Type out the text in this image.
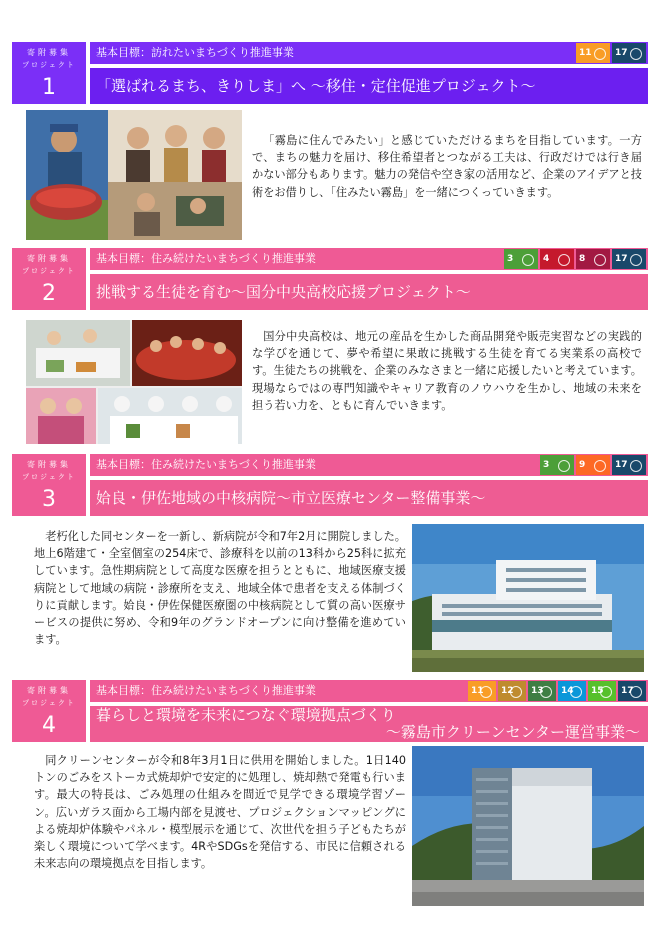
寄附募集
プロジェクト
1
基本目標：訪れたいまちづくり推進事業	11	17
「選ばれるまち、きりしま」へ ～移住・定住促進プロジェクト～
「霧島に住んでみたい」と感じていただけるまちを目指しています。一方で、まちの魅力を届け、移住希望者とつながる工夫は、行政だけでは行き届かない部分もあります。魅力の発信や空き家の活用など、企業のアイデアと技術をお借りし、「住みたい霧島」を一緒につくっていきます。
寄附募集
プロジェクト
2
基本目標：住み続けたいまちづくり推進事業	3	4	8	17
挑戦する生徒を育む～国分中央高校応援プロジェクト～
国分中央高校は、地元の産品を生かした商品開発や販売実習などの実践的な学びを通じて、夢や希望に果敢に挑戦する生徒を育てる実業系の高校です。生徒たちの挑戦を、企業のみなさまと一緒に応援したいと考えています。現場ならではの専門知識やキャリア教育のノウハウを生かし、地域の未来を担う若い力を、ともに育んでいきます。
寄附募集
プロジェクト
3
基本目標：住み続けたいまちづくり推進事業	3	9	17
姶良・伊佐地域の中核病院～市立医療センター整備事業～
老朽化した同センターを一新し、新病院が令和7年2月に開院しました。地上6階建て・全室個室の254床で、診療科を以前の13科から25科に拡充しています。急性期病院として高度な医療を担うとともに、地域医療支援病院として地域の病院・診療所を支え、地域全体で患者を支える体制づくりに貢献します。姶良・伊佐保健医療圏の中核病院として質の高い医療サービスの提供に努め、令和9年のグランドオープンに向け整備を進めています。
寄附募集
プロジェクト
4
基本目標：住み続けたいまちづくり推進事業	11	12	13	14	15	17
暮らしと環境を未来につなぐ環境拠点づくり
～霧島市クリーンセンター運営事業～
同クリーンセンターが令和8年3月1日に供用を開始しました。1日140トンのごみをストーカ式焼却炉で安定的に処理し、焼却熱で発電も行います。最大の特長は、ごみ処理の仕組みを間近で見学できる環境学習ゾーン。広いガラス面から工場内部を見渡せ、プロジェクションマッピングによる焼却炉体験やパネル・模型展示を通じて、次世代を担う子どもたちが楽しく環境について学べます。4RやSDGsを発信する、市民に信頼される未来志向の環境拠点を目指します。
